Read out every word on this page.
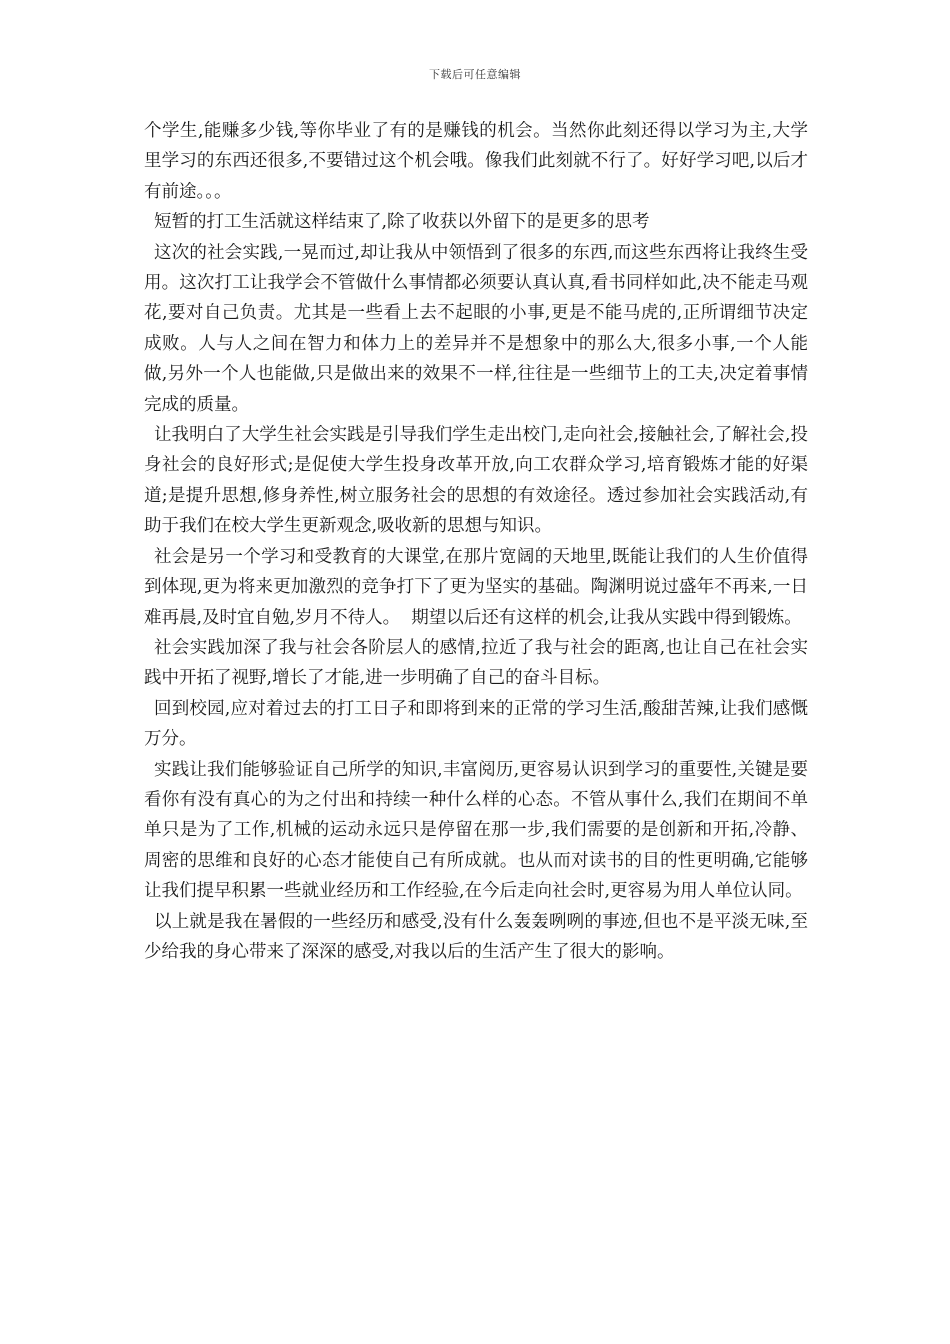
下载后可任意编辑

个学生,能赚多少钱,等你毕业了有的是赚钱的机会。当然你此刻还得以学习为主,大学里学习的东西还很多,不要错过这个机会哦。像我们此刻就不行了。好好学习吧,以后才有前途。。。

短暂的打工生活就这样结束了,除了收获以外留下的是更多的思考

这次的社会实践,一晃而过,却让我从中领悟到了很多的东西,而这些东西将让我终生受用。这次打工让我学会不管做什么事情都必须要认真认真,看书同样如此,决不能走马观花,要对自己负责。尤其是一些看上去不起眼的小事,更是不能马虎的,正所谓细节决定成败。人与人之间在智力和体力上的差异并不是想象中的那么大,很多小事,一个人能做,另外一个人也能做,只是做出来的效果不一样,往往是一些细节上的工夫,决定着事情完成的质量。

让我明白了大学生社会实践是引导我们学生走出校门,走向社会,接触社会,了解社会,投身社会的良好形式;是促使大学生投身改革开放,向工农群众学习,培育锻炼才能的好渠道;是提升思想,修身养性,树立服务社会的思想的有效途径。透过参加社会实践活动,有助于我们在校大学生更新观念,吸收新的思想与知识。

社会是另一个学习和受教育的大课堂,在那片宽阔的天地里,既能让我们的人生价值得到体现,更为将来更加激烈的竞争打下了更为坚实的基础。陶渊明说过盛年不再来,一日难再晨,及时宜自勉,岁月不待人。  期望以后还有这样的机会,让我从实践中得到锻炼。

社会实践加深了我与社会各阶层人的感情,拉近了我与社会的距离,也让自己在社会实践中开拓了视野,增长了才能,进一步明确了自己的奋斗目标。

回到校园,应对着过去的打工日子和即将到来的正常的学习生活,酸甜苦辣,让我们感慨万分。

实践让我们能够验证自己所学的知识,丰富阅历,更容易认识到学习的重要性,关键是要看你有没有真心的为之付出和持续一种什么样的心态。不管从事什么,我们在期间不单单只是为了工作,机械的运动永远只是停留在那一步,我们需要的是创新和开拓,冷静、周密的思维和良好的心态才能使自己有所成就。也从而对读书的目的性更明确,它能够让我们提早积累一些就业经历和工作经验,在今后走向社会时,更容易为用人单位认同。

以上就是我在暑假的一些经历和感受,没有什么轰轰咧咧的事迹,但也不是平淡无味,至少给我的身心带来了深深的感受,对我以后的生活产生了很大的影响。
